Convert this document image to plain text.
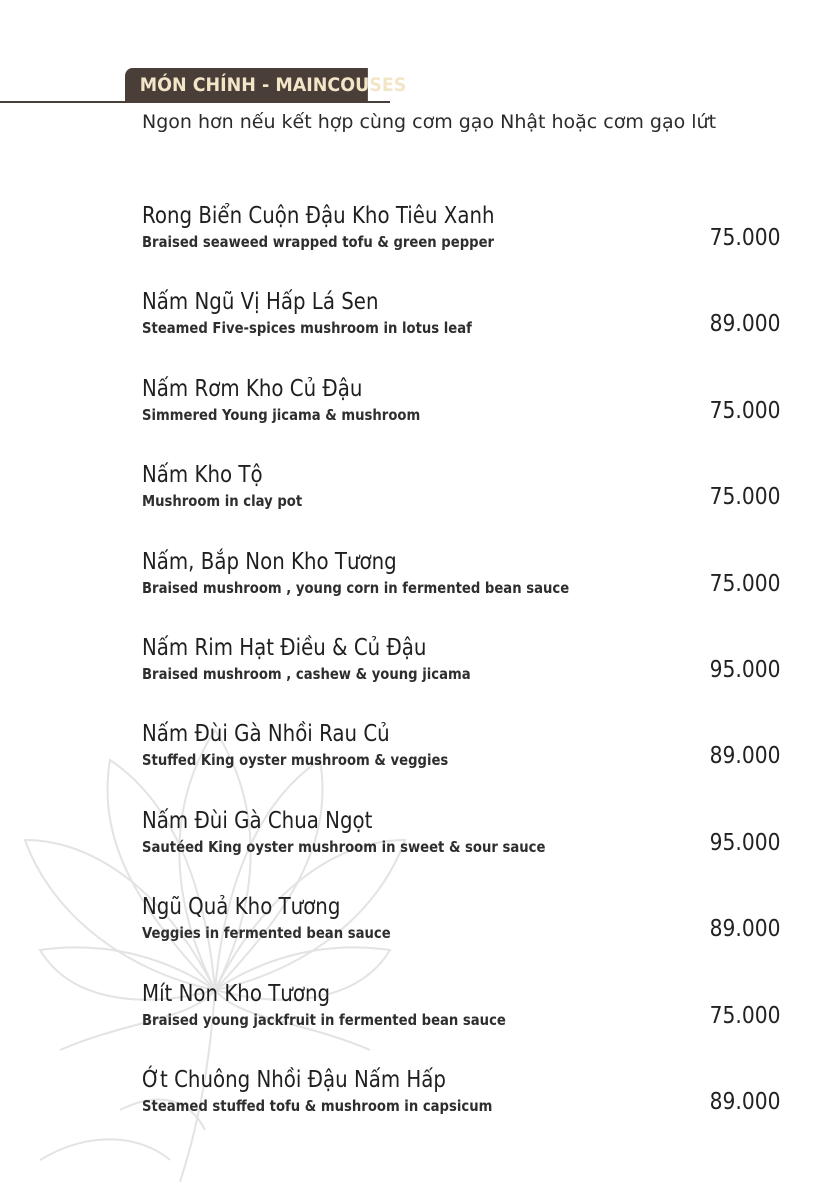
MÓN CHÍNH - MAINCOUSES
Ngon hơn nếu kết hợp cùng cơm gạo Nhật hoặc cơm gạo lứt
Rong Biển Cuộn Đậu Kho Tiêu Xanh
Braised seaweed wrapped tofu & green pepper	75.000
Nấm Ngũ Vị Hấp Lá Sen
Steamed Five-spices mushroom in lotus leaf	89.000
Nấm Rơm Kho Củ Đậu
Simmered Young jicama & mushroom	75.000
Nấm Kho Tộ
Mushroom in clay pot	75.000
Nấm, Bắp Non Kho Tương
Braised mushroom , young corn in fermented bean sauce	75.000
Nấm Rim Hạt Điều & Củ Đậu
Braised mushroom , cashew & young jicama	95.000
Nấm Đùi Gà Nhồi Rau Củ
Stuffed King oyster mushroom & veggies	89.000
Nấm Đùi Gà Chua Ngọt
Sautéed King oyster mushroom in sweet & sour sauce	95.000
Ngũ Quả Kho Tương
Veggies in fermented bean sauce	89.000
Mít Non Kho Tương
Braised young jackfruit in fermented bean sauce	75.000
Ớt Chuông Nhồi Đậu Nấm Hấp
Steamed stuffed tofu & mushroom in capsicum	89.000
